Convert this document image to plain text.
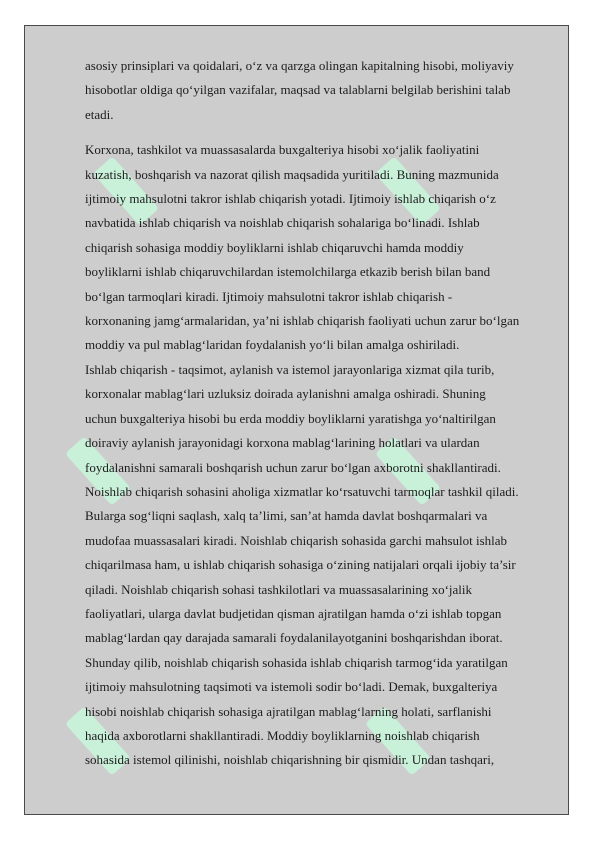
asosiy prinsiplari va qoidalari, o‘z va qarzga olingan kapitalning hisobi, moliyaviy

hisobotlar oldiga qo‘yilgan vazifalar, maqsad va talablarni belgilab berishini talab

etadi.

Korxona, tashkilot va muassasalarda buxgalteriya hisobi xo‘jalik faoliyatini

kuzatish, boshqarish va nazorat qilish maqsadida yuritiladi. Buning mazmunida

ijtimoiy mahsulotni takror ishlab chiqarish yotadi. Ijtimoiy ishlab chiqarish o‘z

navbatida ishlab chiqarish va noishlab chiqarish sohalariga bo‘linadi. Ishlab

chiqarish sohasiga moddiy boyliklarni ishlab chiqaruvchi hamda moddiy

boyliklarni ishlab chiqaruvchilardan istemolchilarga etkazib berish bilan band

bo‘lgan tarmoqlari kiradi. Ijtimoiy mahsulotni takror ishlab chiqarish -

korxonaning jamg‘armalaridan, ya’ni ishlab chiqarish faoliyati uchun zarur bo‘lgan

moddiy va pul mablag‘laridan foydalanish yo‘li bilan amalga oshiriladi.

Ishlab chiqarish - taqsimot, aylanish va istemol jarayonlariga xizmat qila turib,

korxonalar mablag‘lari uzluksiz doirada aylanishni amalga oshiradi. Shuning

uchun buxgalteriya hisobi bu erda moddiy boyliklarni yaratishga yo‘naltirilgan

doiraviy aylanish jarayonidagi korxona mablag‘larining holatlari va ulardan

foydalanishni samarali boshqarish uchun zarur bo‘lgan axborotni shakllantiradi.

Noishlab chiqarish sohasini aholiga xizmatlar ko‘rsatuvchi tarmoqlar tashkil qiladi.

Bularga sog‘liqni saqlash, xalq ta’limi, san’at hamda davlat boshqarmalari va

mudofaa muassasalari kiradi. Noishlab chiqarish sohasida garchi mahsulot ishlab

chiqarilmasa ham, u ishlab chiqarish sohasiga o‘zining natijalari orqali ijobiy ta’sir

qiladi. Noishlab chiqarish sohasi tashkilotlari va muassasalarining xo‘jalik

faoliyatlari, ularga davlat budjetidan qisman ajratilgan hamda o‘zi ishlab topgan

mablag‘lardan qay darajada samarali foydalanilayotganini boshqarishdan iborat.

Shunday qilib, noishlab chiqarish sohasida ishlab chiqarish tarmog‘ida yaratilgan

ijtimoiy mahsulotning taqsimoti va istemoli sodir bo‘ladi. Demak, buxgalteriya

hisobi noishlab chiqarish sohasiga ajratilgan mablag‘larning holati, sarflanishi

haqida axborotlarni shakllantiradi. Moddiy boyliklarning noishlab chiqarish

sohasida istemol qilinishi, noishlab chiqarishning bir qismidir. Undan tashqari,
